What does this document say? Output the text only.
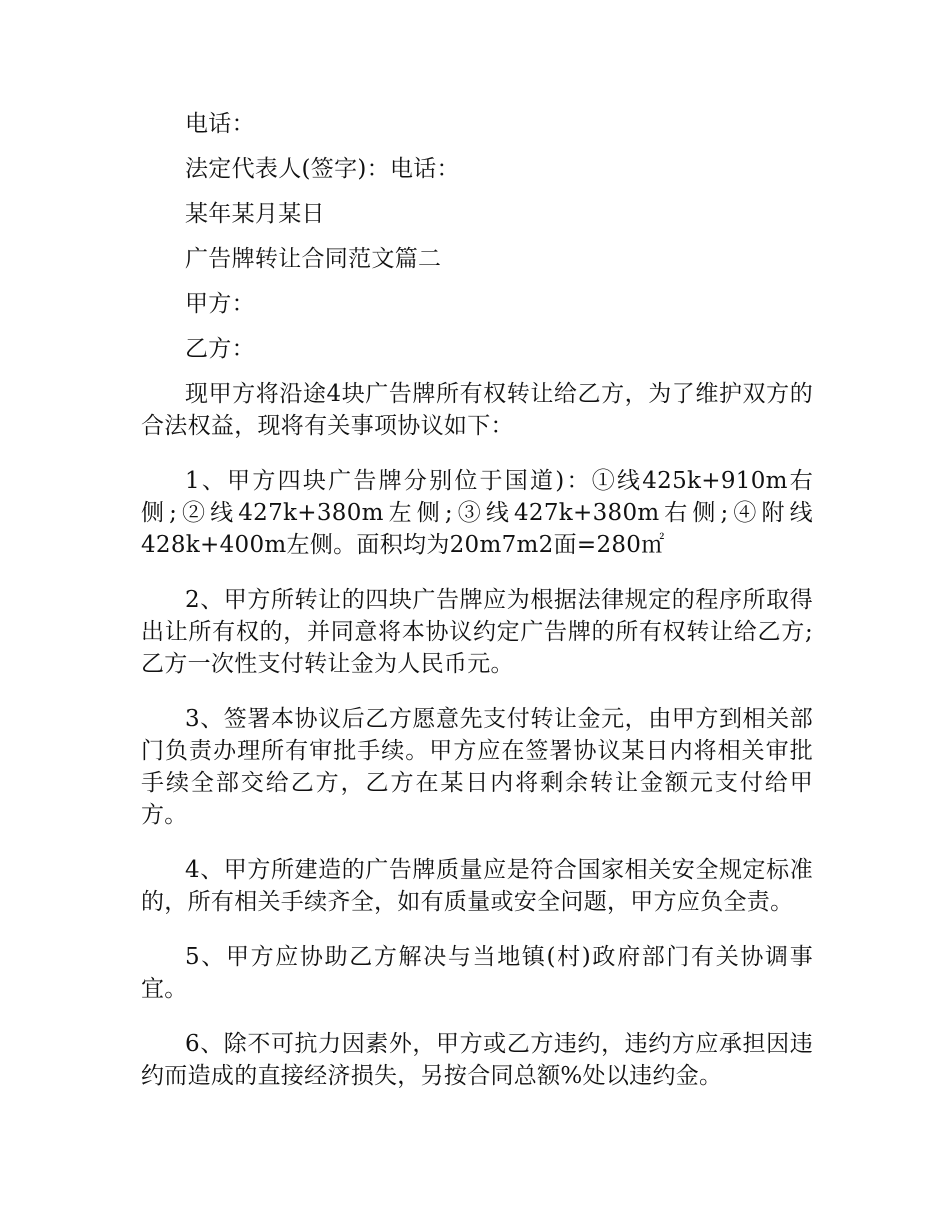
电话：

法定代表人(签字)：电话：

某年某月某日

广告牌转让合同范文篇二

甲方：

乙方：

现甲方将沿途4块广告牌所有权转让给乙方，为了维护双方的合法权益，现将有关事项协议如下：

1、甲方四块广告牌分别位于国道)：①线425k+910m右侧;②线427k+380m左侧;③线427k+380m右侧;④附线428k+400m左侧。面积均为20m7m2面=280㎡

2、甲方所转让的四块广告牌应为根据法律规定的程序所取得出让所有权的，并同意将本协议约定广告牌的所有权转让给乙方;乙方一次性支付转让金为人民币元。

3、签署本协议后乙方愿意先支付转让金元，由甲方到相关部门负责办理所有审批手续。甲方应在签署协议某日内将相关审批手续全部交给乙方，乙方在某日内将剩余转让金额元支付给甲方。

4、甲方所建造的广告牌质量应是符合国家相关安全规定标准的，所有相关手续齐全，如有质量或安全问题，甲方应负全责。

5、甲方应协助乙方解决与当地镇(村)政府部门有关协调事宜。

6、除不可抗力因素外，甲方或乙方违约，违约方应承担因违约而造成的直接经济损失，另按合同总额%处以违约金。
